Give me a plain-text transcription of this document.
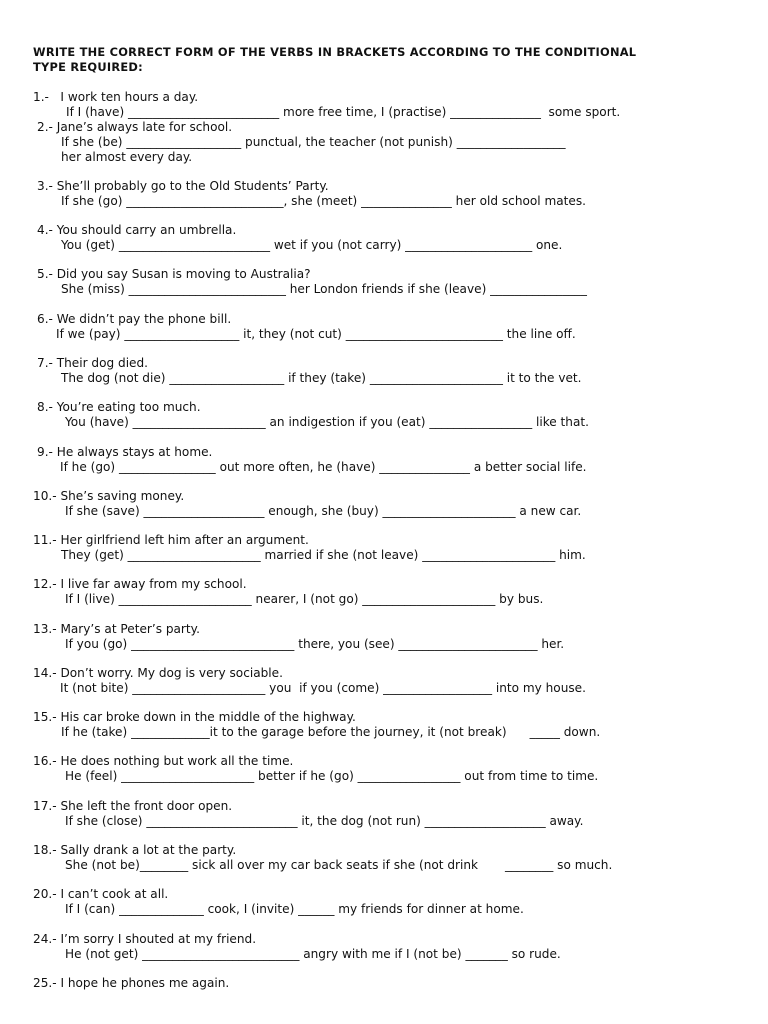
WRITE THE CORRECT FORM OF THE VERBS IN BRACKETS ACCORDING TO THE CONDITIONAL
TYPE REQUIRED:

1.-   I work ten hours a day.

If I (have) _________________________ more free time, I (practise) _______________  some sport.

2.- Jane’s always late for school.

If she (be) ___________________ punctual, the teacher (not punish) __________________

her almost every day.

3.- She’ll probably go to the Old Students’ Party.

If she (go) __________________________, she (meet) _______________ her old school mates.

4.- You should carry an umbrella.

You (get) _________________________ wet if you (not carry) _____________________ one.

5.- Did you say Susan is moving to Australia?

She (miss) __________________________ her London friends if she (leave) ________________

6.- We didn’t pay the phone bill.

If we (pay) ___________________ it, they (not cut) __________________________ the line off.

7.- Their dog died.

The dog (not die) ___________________ if they (take) ______________________ it to the vet.

8.- You’re eating too much.

You (have) ______________________ an indigestion if you (eat) _________________ like that.

9.- He always stays at home.

If he (go) ________________ out more often, he (have) _______________ a better social life.

10.- She’s saving money.

If she (save) ____________________ enough, she (buy) ______________________ a new car.

11.- Her girlfriend left him after an argument.

They (get) ______________________ married if she (not leave) ______________________ him.

12.- I live far away from my school.

If I (live) ______________________ nearer, I (not go) ______________________ by bus.

13.- Mary’s at Peter’s party.

If you (go) ___________________________ there, you (see) _______________________ her.

14.- Don’t worry. My dog is very sociable.

It (not bite) ______________________ you  if you (come) __________________ into my house.

15.- His car broke down in the middle of the highway.

If he (take) _____________it to the garage before the journey, it (not break)      _____ down.

16.- He does nothing but work all the time.

He (feel) ______________________ better if he (go) _________________ out from time to time.

17.- She left the front door open.

If she (close) _________________________ it, the dog (not run) ____________________ away.

18.- Sally drank a lot at the party.

She (not be)________ sick all over my car back seats if she (not drink       ________ so much.

20.- I can’t cook at all.

If I (can) ______________ cook, I (invite) ______ my friends for dinner at home.

24.- I’m sorry I shouted at my friend.

He (not get) __________________________ angry with me if I (not be) _______ so rude.

25.- I hope he phones me again.
